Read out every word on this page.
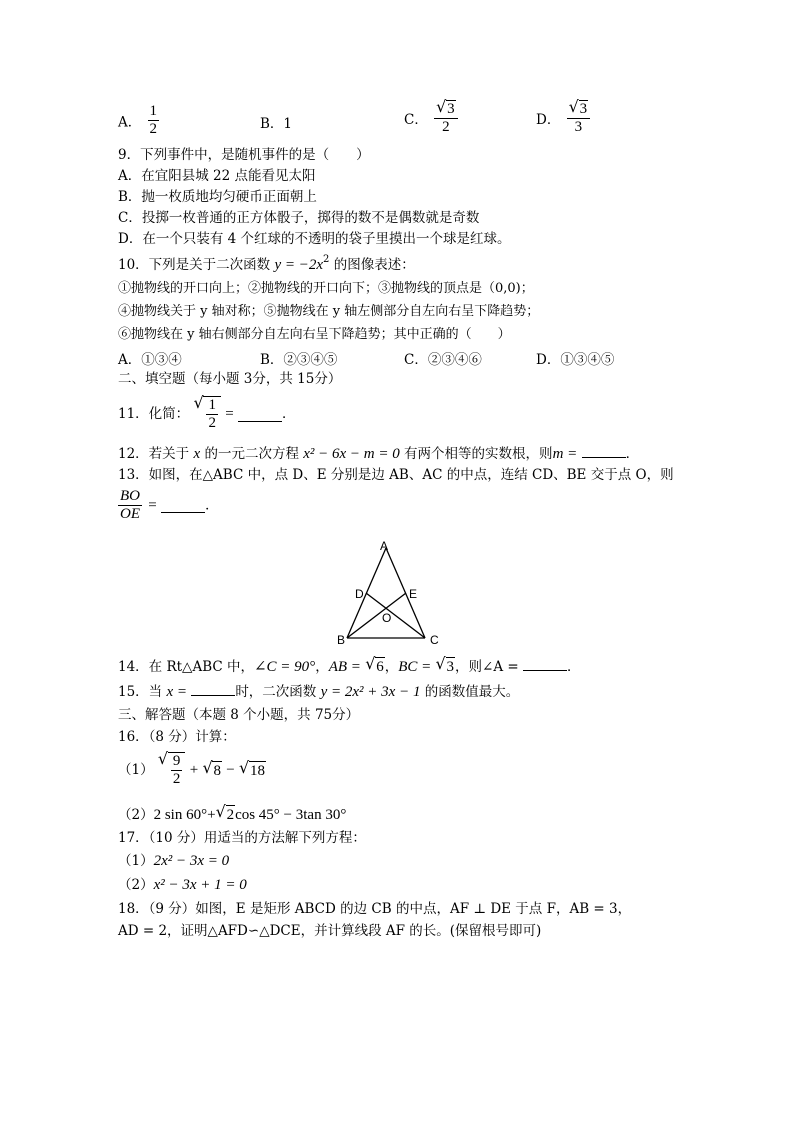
A． $\frac{1}{2}$	B．1	C． √ $\frac{3}{2}$	D． √ $\frac{3}{3}$
9．下列事件中，是随机事件的是（　　）
A．在宜阳县城 22 点能看见太阳
B．抛一枚质地均匀硬币正面朝上
C．投掷一枚普通的正方体骰子，掷得的数不是偶数就是奇数
D．在一个只装有 4 个红球的不透明的袋子里摸出一个球是红球。
10．下列是关于二次函数 $y = -2x^2$ 的图像表述：
①抛物线的开口向上；②抛物线的开口向下；③抛物线的顶点是（0,0)；
④抛物线关于 y 轴对称；⑤抛物线在 y 轴左侧部分自左向右呈下降趋势；
⑥抛物线在 y 轴右侧部分自左向右呈下降趋势；其中正确的（　　）
A．①③④	B．②③④⑤	C．②③④⑥	D．①③④⑤
二、填空题（每小题 3分，共 15分）
11．化简： √ $\frac{1}{2}$ =	．
12．若关于 x 的一元二次方程 x² − 6x − m = 0 有两个相等的实数根，则m =	．
13．如图，在△ABC 中，点 D、E 分别是边 AB、AC 的中点，连结 CD、BE 交于点 O，则
$\frac{BO}{OE}$ =	．
A
B	C
D	E
O
14．在 Rt△ABC 中，∠C = 90°，AB = √ 6，BC = √ 3，则∠A =	．
15．当 x =	时，二次函数 y = 2x² + 3x − 1 的函数值最大。
三、解答题（本题 8 个小题，共 75分）
16．（8 分）计算：
（1） √ $\frac{9}{2}$ + √ 8 − √ 18
（2）2 sin 60°+ √ 2cos 45° − 3tan 30°
17．（10 分）用适当的方法解下列方程：
（1）2x² − 3x = 0
（2）x² − 3x + 1 = 0
18．（9 分）如图，E 是矩形 ABCD 的边 CB 的中点，AF ⊥ DE 于点 F，AB = 3，
AD = 2，证明△AFD∽△DCE，并计算线段 AF 的长。(保留根号即可)
